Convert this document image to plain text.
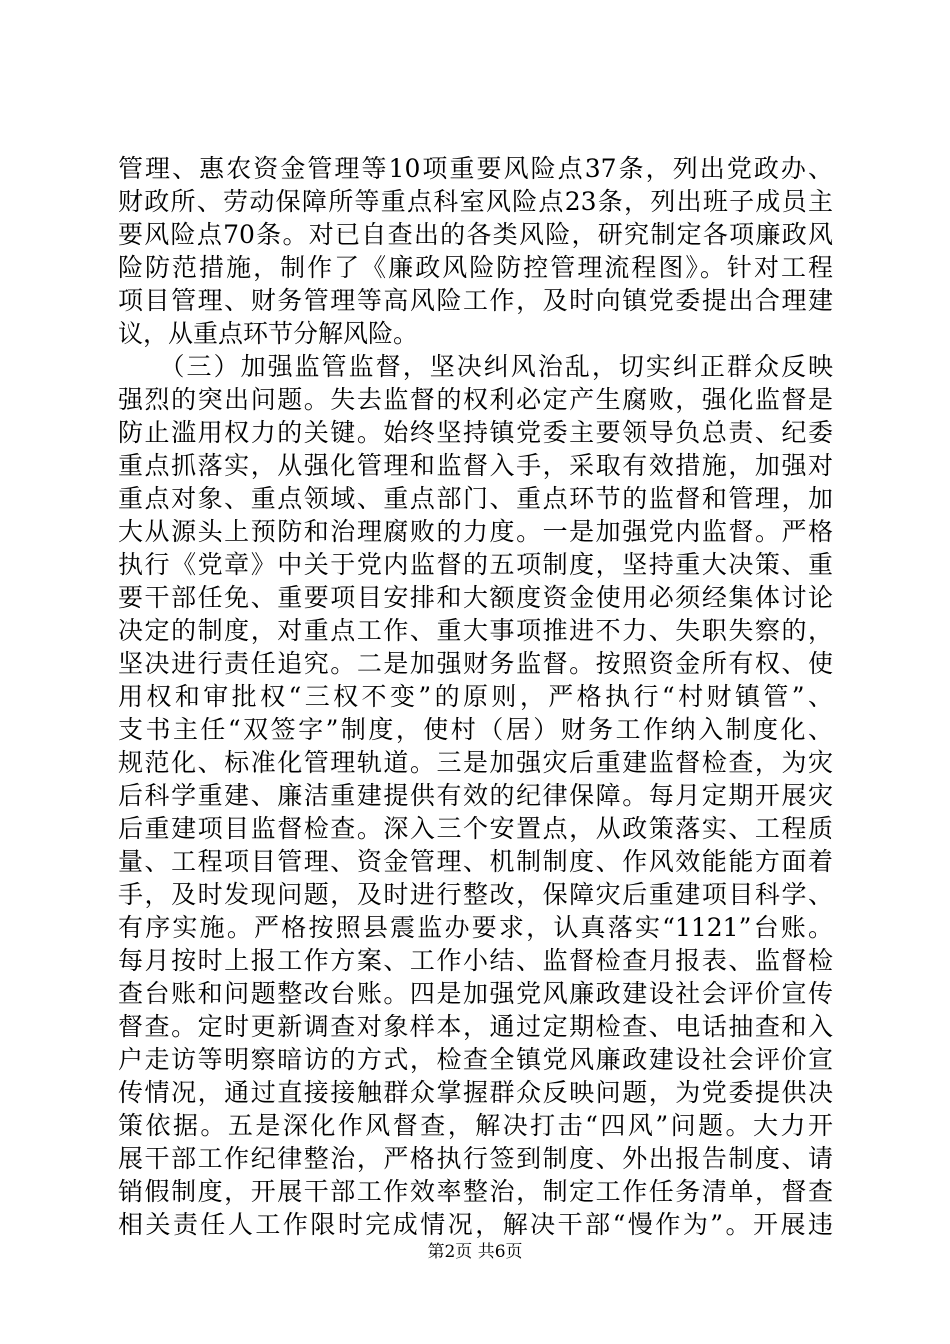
管理、惠农资金管理等10项重要风险点37条，列出党政办、
财政所、劳动保障所等重点科室风险点23条，列出班子成员主
要风险点70条。对已自查出的各类风险，研究制定各项廉政风
险防范措施，制作了《廉政风险防控管理流程图》。针对工程
项目管理、财务管理等高风险工作，及时向镇党委提出合理建
议，从重点环节分解风险。
　　（三）加强监管监督，坚决纠风治乱，切实纠正群众反映
强烈的突出问题。失去监督的权利必定产生腐败，强化监督是
防止滥用权力的关键。始终坚持镇党委主要领导负总责、纪委
重点抓落实，从强化管理和监督入手，采取有效措施，加强对
重点对象、重点领域、重点部门、重点环节的监督和管理，加
大从源头上预防和治理腐败的力度。一是加强党内监督。严格
执行《党章》中关于党内监督的五项制度，坚持重大决策、重
要干部任免、重要项目安排和大额度资金使用必须经集体讨论
决定的制度，对重点工作、重大事项推进不力、失职失察的，
坚决进行责任追究。二是加强财务监督。按照资金所有权、使
用权和审批权“三权不变”的原则，严格执行“村财镇管”、
支书主任“双签字”制度，使村（居）财务工作纳入制度化、
规范化、标准化管理轨道。三是加强灾后重建监督检查，为灾
后科学重建、廉洁重建提供有效的纪律保障。每月定期开展灾
后重建项目监督检查。深入三个安置点，从政策落实、工程质
量、工程项目管理、资金管理、机制制度、作风效能能方面着
手，及时发现问题，及时进行整改，保障灾后重建项目科学、
有序实施。严格按照县震监办要求，认真落实“1121”台账。
每月按时上报工作方案、工作小结、监督检查月报表、监督检
查台账和问题整改台账。四是加强党风廉政建设社会评价宣传
督查。定时更新调查对象样本，通过定期检查、电话抽查和入
户走访等明察暗访的方式，检查全镇党风廉政建设社会评价宣
传情况，通过直接接触群众掌握群众反映问题，为党委提供决
策依据。五是深化作风督查，解决打击“四风”问题。大力开
展干部工作纪律整治，严格执行签到制度、外出报告制度、请
销假制度，开展干部工作效率整治，制定工作任务清单，督查
相关责任人工作限时完成情况，解决干部“慢作为”。开展违
第2页 共6页
